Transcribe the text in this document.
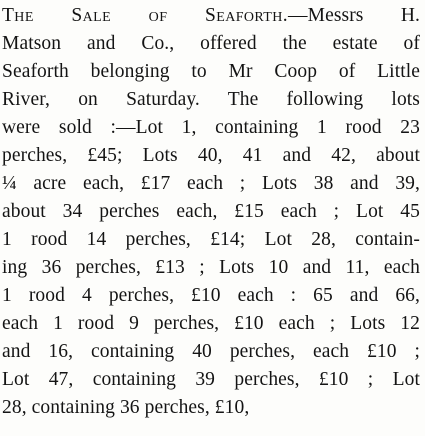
The Sale of Seaforth.—Messrs H.
Matson and Co., offered the estate of
Seaforth belonging to Mr Coop of Little
River, on Saturday. The following lots
were sold :—Lot 1, containing 1 rood 23
perches, £45; Lots 40, 41 and 42, about
¼ acre each, £17 each ; Lots 38 and 39,
about 34 perches each, £15 each ; Lot 45
1 rood 14 perches, £14; Lot 28, contain-
ing 36 perches, £13 ; Lots 10 and 11, each
1 rood 4 perches, £10 each : 65 and 66,
each 1 rood 9 perches, £10 each ; Lots 12
and 16, containing 40 perches, each £10 ;
Lot 47, containing 39 perches, £10 ; Lot
28, containing 36 perches, £10,
